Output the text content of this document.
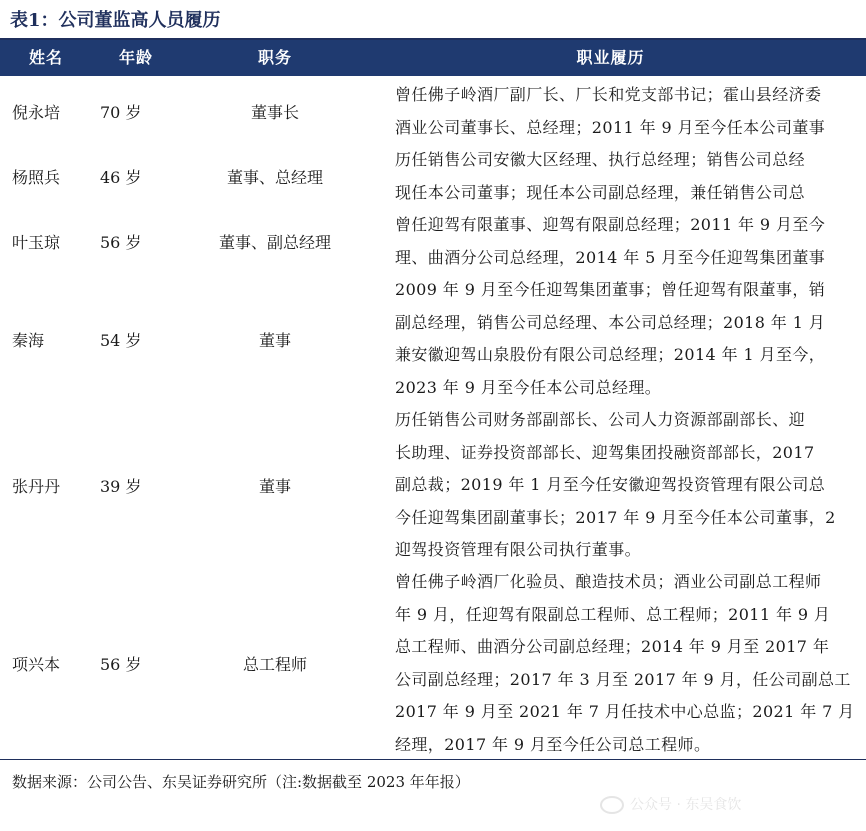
表1：公司董监高人员履历
姓名	年龄	职务	职业履历
倪永培	70 岁	董事长
曾任佛子岭酒厂副厂长、厂长和党支部书记；霍山县经济委
酒业公司董事长、总经理；2011 年 9 月至今任本公司董事
杨照兵	46 岁	董事、总经理
历任销售公司安徽大区经理、执行总经理；销售公司总经
现任本公司董事；现任本公司副总经理，兼任销售公司总
叶玉琼	56 岁	董事、副总经理
曾任迎驾有限董事、迎驾有限副总经理；2011 年 9 月至今
理、曲酒分公司总经理，2014 年 5 月至今任迎驾集团董事
秦海	54 岁	董事
2009 年 9 月至今任迎驾集团董事；曾任迎驾有限董事，销
副总经理，销售公司总经理、本公司总经理；2018 年 1 月
兼安徽迎驾山泉股份有限公司总经理；2014 年 1 月至今，
2023 年 9 月至今任本公司总经理。
张丹丹	39 岁	董事
历任销售公司财务部副部长、公司人力资源部副部长、迎
长助理、证券投资部部长、迎驾集团投融资部部长，2017
副总裁；2019 年 1 月至今任安徽迎驾投资管理有限公司总
今任迎驾集团副董事长；2017 年 9 月至今任本公司董事，2
迎驾投资管理有限公司执行董事。
项兴本	56 岁	总工程师
曾任佛子岭酒厂化验员、酿造技术员；酒业公司副总工程师
年 9 月，任迎驾有限副总工程师、总工程师；2011 年 9 月
总工程师、曲酒分公司副总经理；2014 年 9 月至 2017 年
公司副总经理；2017 年 3 月至 2017 年 9 月，任公司副总工
2017 年 9 月至 2021 年 7 月任技术中心总监；2021 年 7 月
经理，2017 年 9 月至今任公司总工程师。
数据来源：公司公告、东吴证券研究所（注:数据截至 2023 年年报）
公众号 · 东吴食饮
